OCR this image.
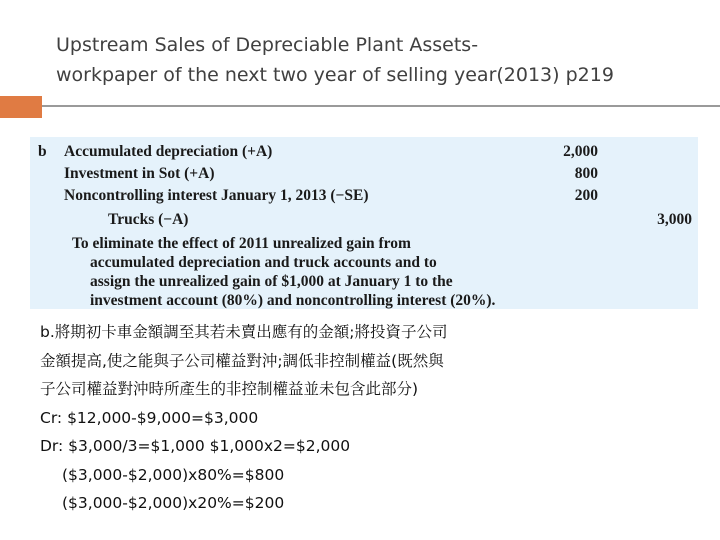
Upstream Sales of Depreciable Plant Assets-
workpaper of the next two year of selling year(2013) p219
b Accumulated depreciation (+A)	2,000
Investment in Sot (+A)	800
Noncontrolling interest January 1, 2013 (−SE)	200
Trucks (−A)	3,000
To eliminate the effect of 2011 unrealized gain from
accumulated depreciation and truck accounts and to
assign the unrealized gain of $1,000 at January 1 to the
investment account (80%) and noncontrolling interest (20%).
b.將期初卡車金額調至其若未賣出應有的金額;將投資子公司
金額提高,使之能與子公司權益對沖;調低非控制權益(既然與
子公司權益對沖時所產生的非控制權益並未包含此部分)
Cr: $12,000-$9,000=$3,000
Dr: $3,000/3=$1,000 $1,000x2=$2,000
($3,000-$2,000)x80%=$800
($3,000-$2,000)x20%=$200
